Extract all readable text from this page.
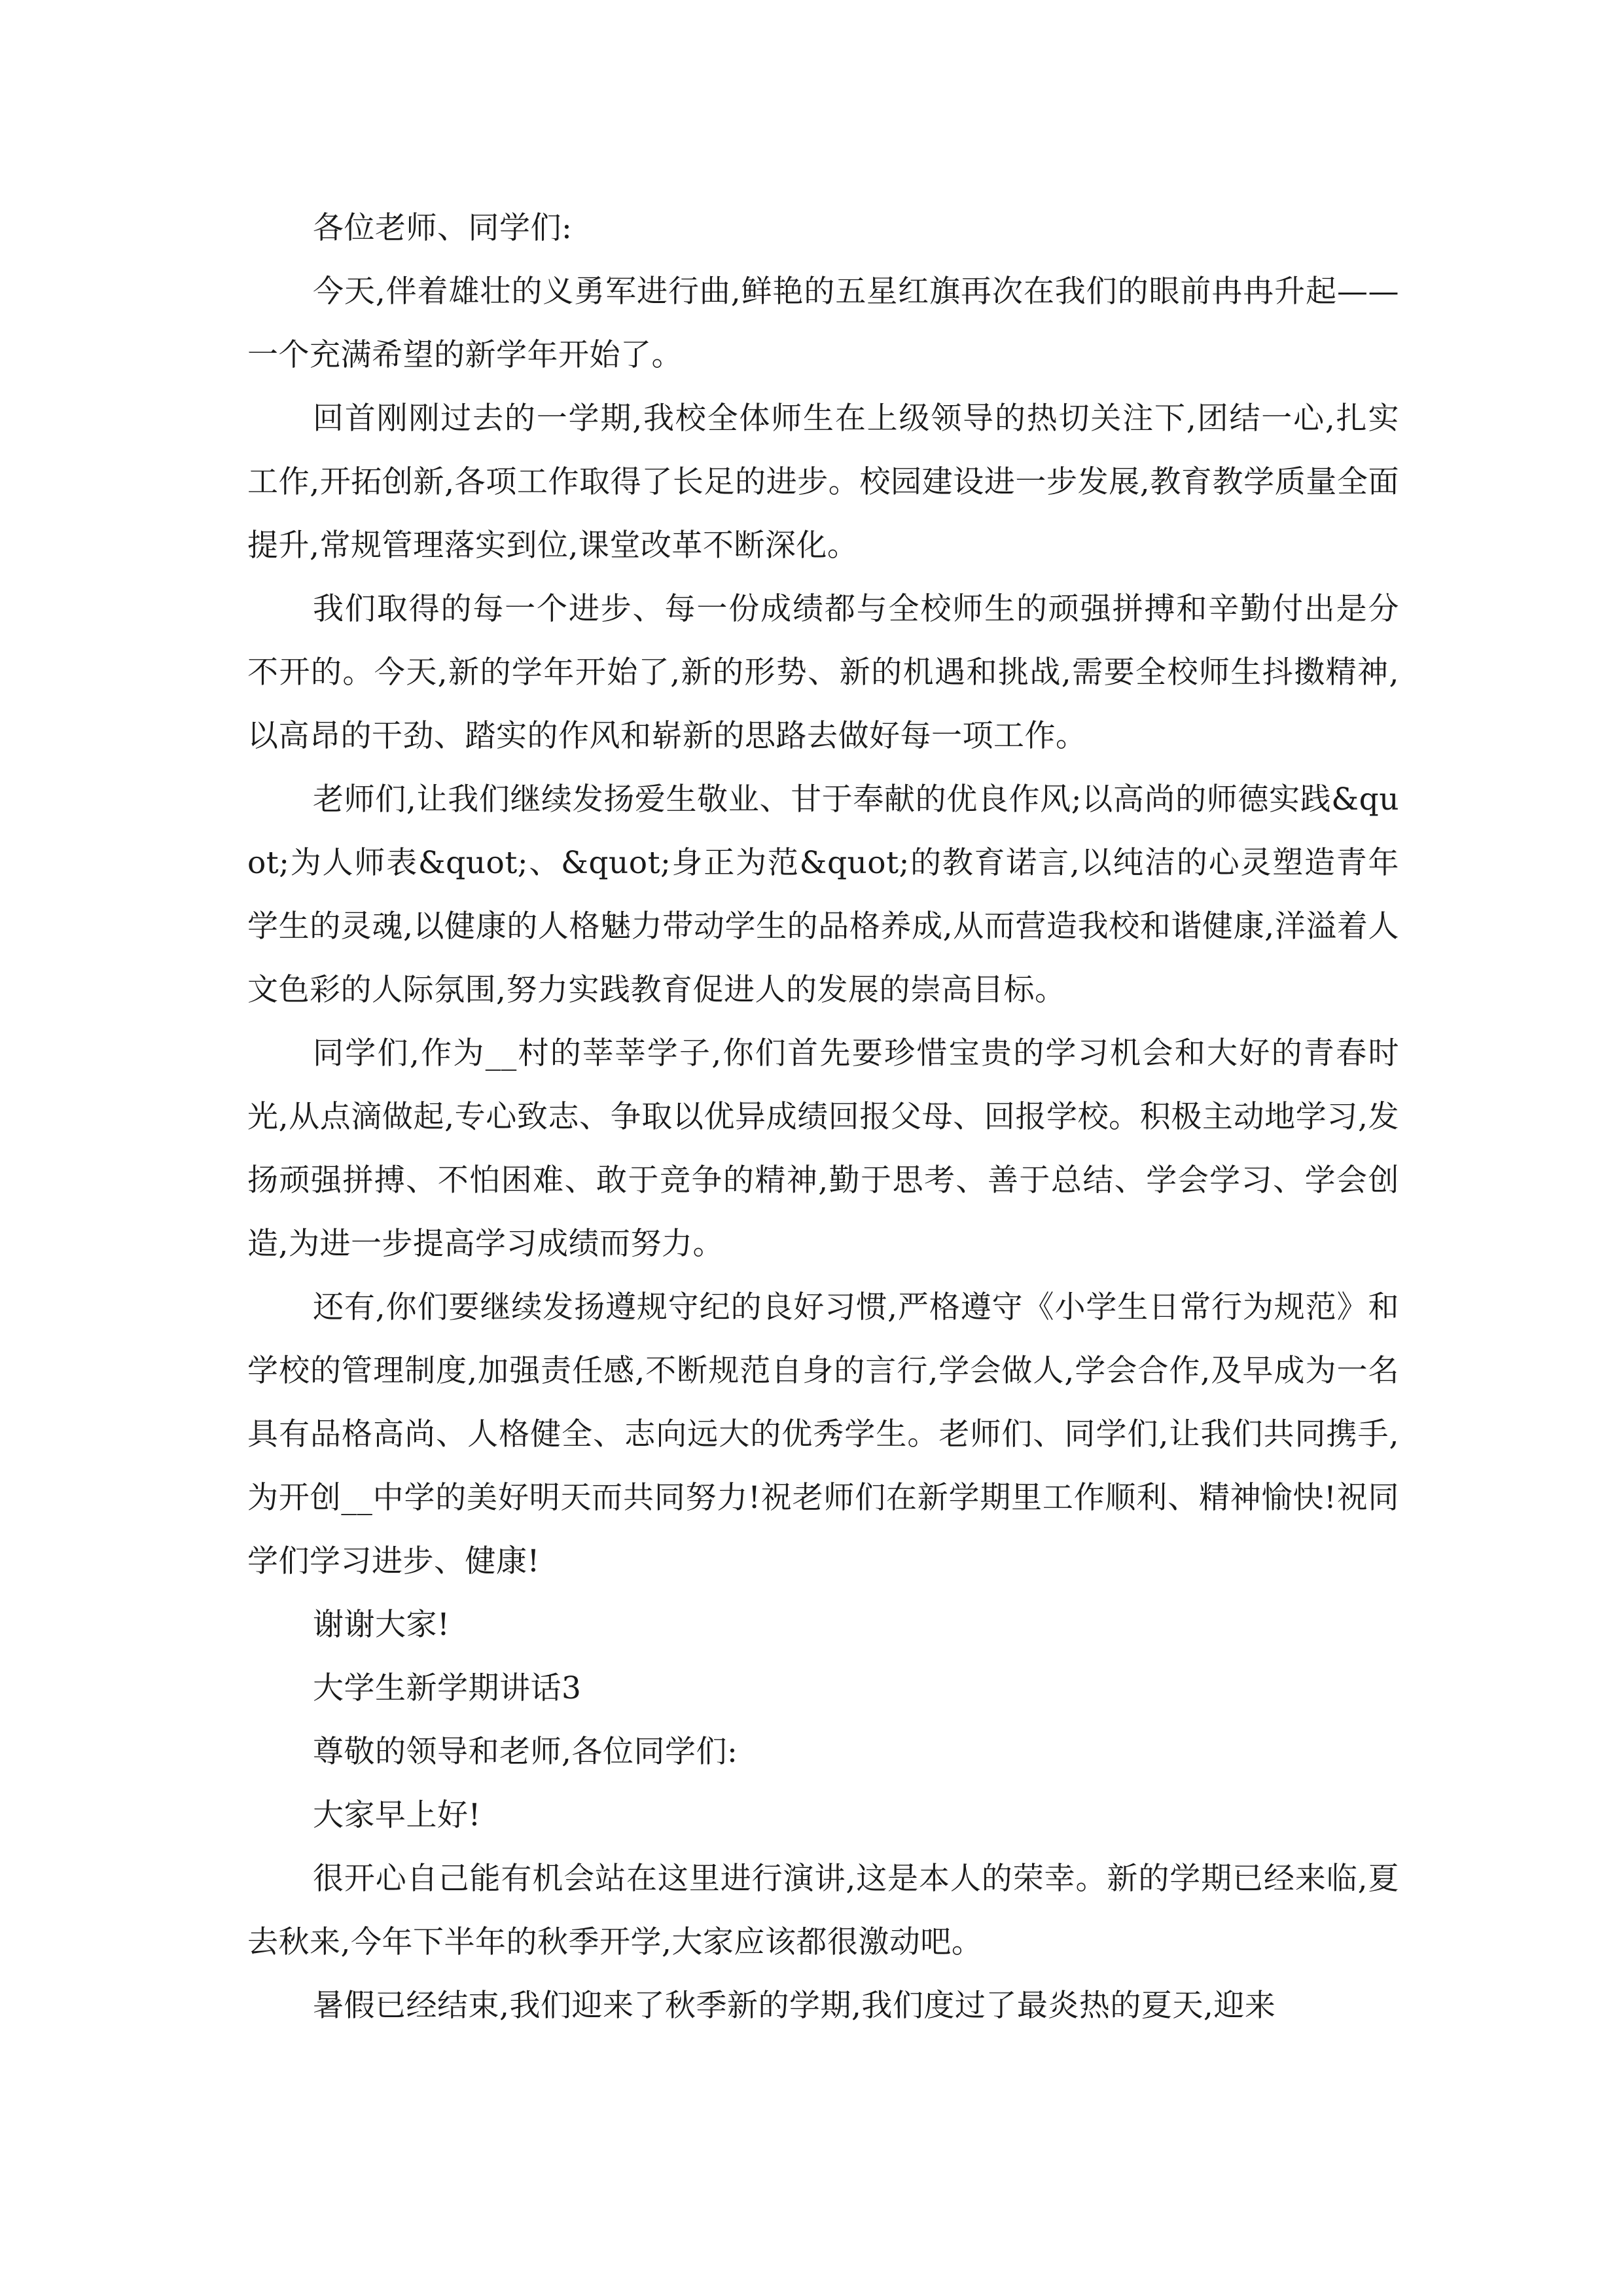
各位老师、同学们:

今天,伴着雄壮的义勇军进行曲,鲜艳的五星红旗再次在我们的眼前冉冉升起——一个充满希望的新学年开始了。

回首刚刚过去的一学期,我校全体师生在上级领导的热切关注下,团结一心,扎实工作,开拓创新,各项工作取得了长足的进步。校园建设进一步发展,教育教学质量全面提升,常规管理落实到位,课堂改革不断深化。

我们取得的每一个进步、每一份成绩都与全校师生的顽强拼搏和辛勤付出是分不开的。今天,新的学年开始了,新的形势、新的机遇和挑战,需要全校师生抖擞精神,以高昂的干劲、踏实的作风和崭新的思路去做好每一项工作。

老师们,让我们继续发扬爱生敬业、甘于奉献的优良作风;以高尚的师德实践&quot;为人师表&quot;、&quot;身正为范&quot;的教育诺言,以纯洁的心灵塑造青年学生的灵魂,以健康的人格魅力带动学生的品格养成,从而营造我校和谐健康,洋溢着人文色彩的人际氛围,努力实践教育促进人的发展的崇高目标。

同学们,作为__村的莘莘学子,你们首先要珍惜宝贵的学习机会和大好的青春时光,从点滴做起,专心致志、争取以优异成绩回报父母、回报学校。积极主动地学习,发扬顽强拼搏、不怕困难、敢于竞争的精神,勤于思考、善于总结、学会学习、学会创造,为进一步提高学习成绩而努力。

还有,你们要继续发扬遵规守纪的良好习惯,严格遵守《小学生日常行为规范》和学校的管理制度,加强责任感,不断规范自身的言行,学会做人,学会合作,及早成为一名具有品格高尚、人格健全、志向远大的优秀学生。老师们、同学们,让我们共同携手,为开创__中学的美好明天而共同努力!祝老师们在新学期里工作顺利、精神愉快!祝同学们学习进步、健康!

谢谢大家!

大学生新学期讲话3

尊敬的领导和老师,各位同学们:

大家早上好!

很开心自己能有机会站在这里进行演讲,这是本人的荣幸。新的学期已经来临,夏去秋来,今年下半年的秋季开学,大家应该都很激动吧。

暑假已经结束,我们迎来了秋季新的学期,我们度过了最炎热的夏天,迎来
